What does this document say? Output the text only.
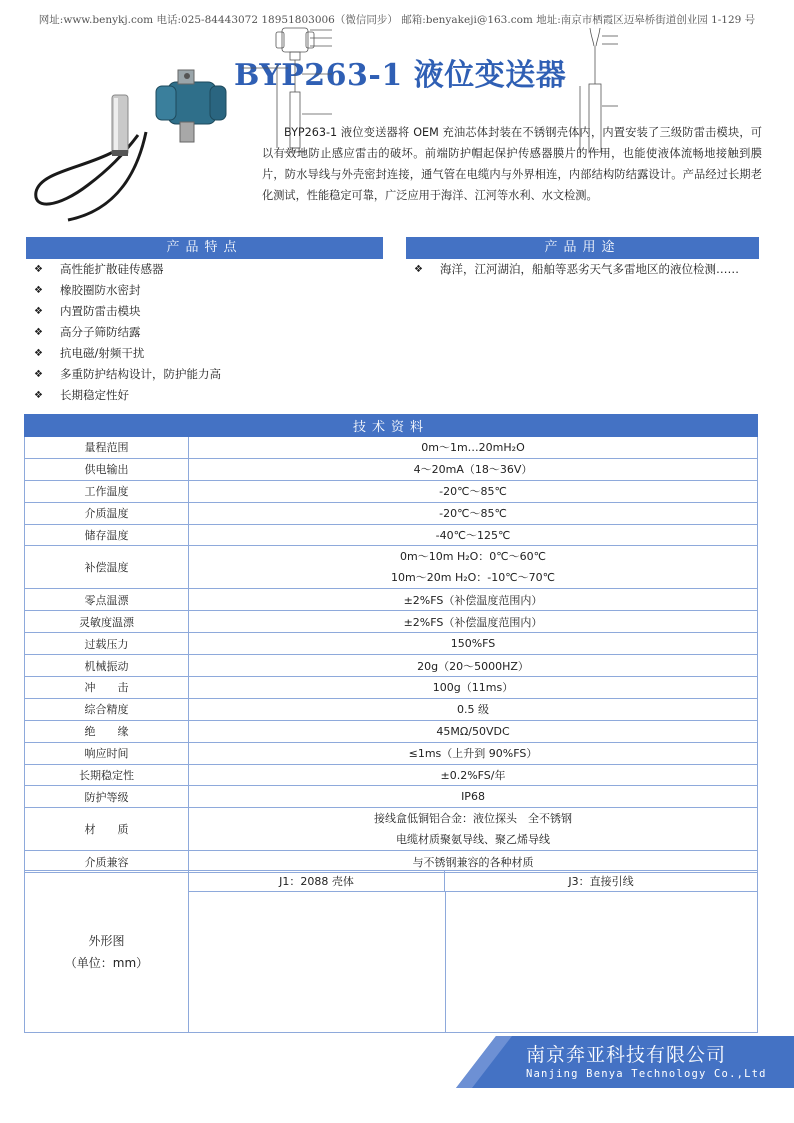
网址:www.benykj.com 电话:025-84443072 18951803006（微信同步） 邮箱:benyakeji@163.com 地址:南京市栖霞区迈皋桥街道创业园 1-129 号
BYP263-1 液位变送器
BYP263-1 液位变送器将 OEM 充油芯体封装在不锈钢壳体内，内置安装了三级防雷击模块，可以有效地防止感应雷击的破坏。前端防护帽起保护传感器膜片的作用，也能使液体流畅地接触到膜片，防水导线与外壳密封连接，通气管在电缆内与外界相连，内部结构防结露设计。产品经过长期老化测试，性能稳定可靠，广泛应用于海洋、江河等水利、水文检测。
产品特点	产品用途
❖	高性能扩散硅传感器
❖	橡胶圈防水密封
❖	内置防雷击模块
❖	高分子筛防结露
❖	抗电磁/射频干扰
❖	多重防护结构设计，防护能力高
❖	长期稳定性好
❖	海洋，江河湖泊，船舶等恶劣天气多雷地区的液位检测……
技术资料	
量程范围	0m～1m…20mH₂O
供电输出	4～20mA（18～36V）
工作温度	-20℃～85℃
介质温度	-20℃～85℃
储存温度	-40℃～125℃
补偿温度	0m～10m H₂O：0℃～60℃
10m～20m H₂O：-10℃～70℃

零点温漂	±2%FS（补偿温度范围内）
灵敏度温漂	±2%FS（补偿温度范围内）
过载压力	150%FS
机械振动	20g（20～5000HZ）
冲　　击	100g（11ms）
综合精度	0.5 级
绝　　缘	45MΩ/50VDC
响应时间	≤1ms（上升到 90%FS）
长期稳定性	±0.2%FS/年
防护等级	IP68
材　　质	接线盒低铜铝合金：液位探头　全不锈钢
电缆材质聚氨导线、聚乙烯导线

介质兼容	与不锈钢兼容的各种材质
外形图
（单位：mm）
J1：2088 壳体	J3：直接引线
南京奔亚科技有限公司
Nanjing Benya Technology Co.,Ltd
